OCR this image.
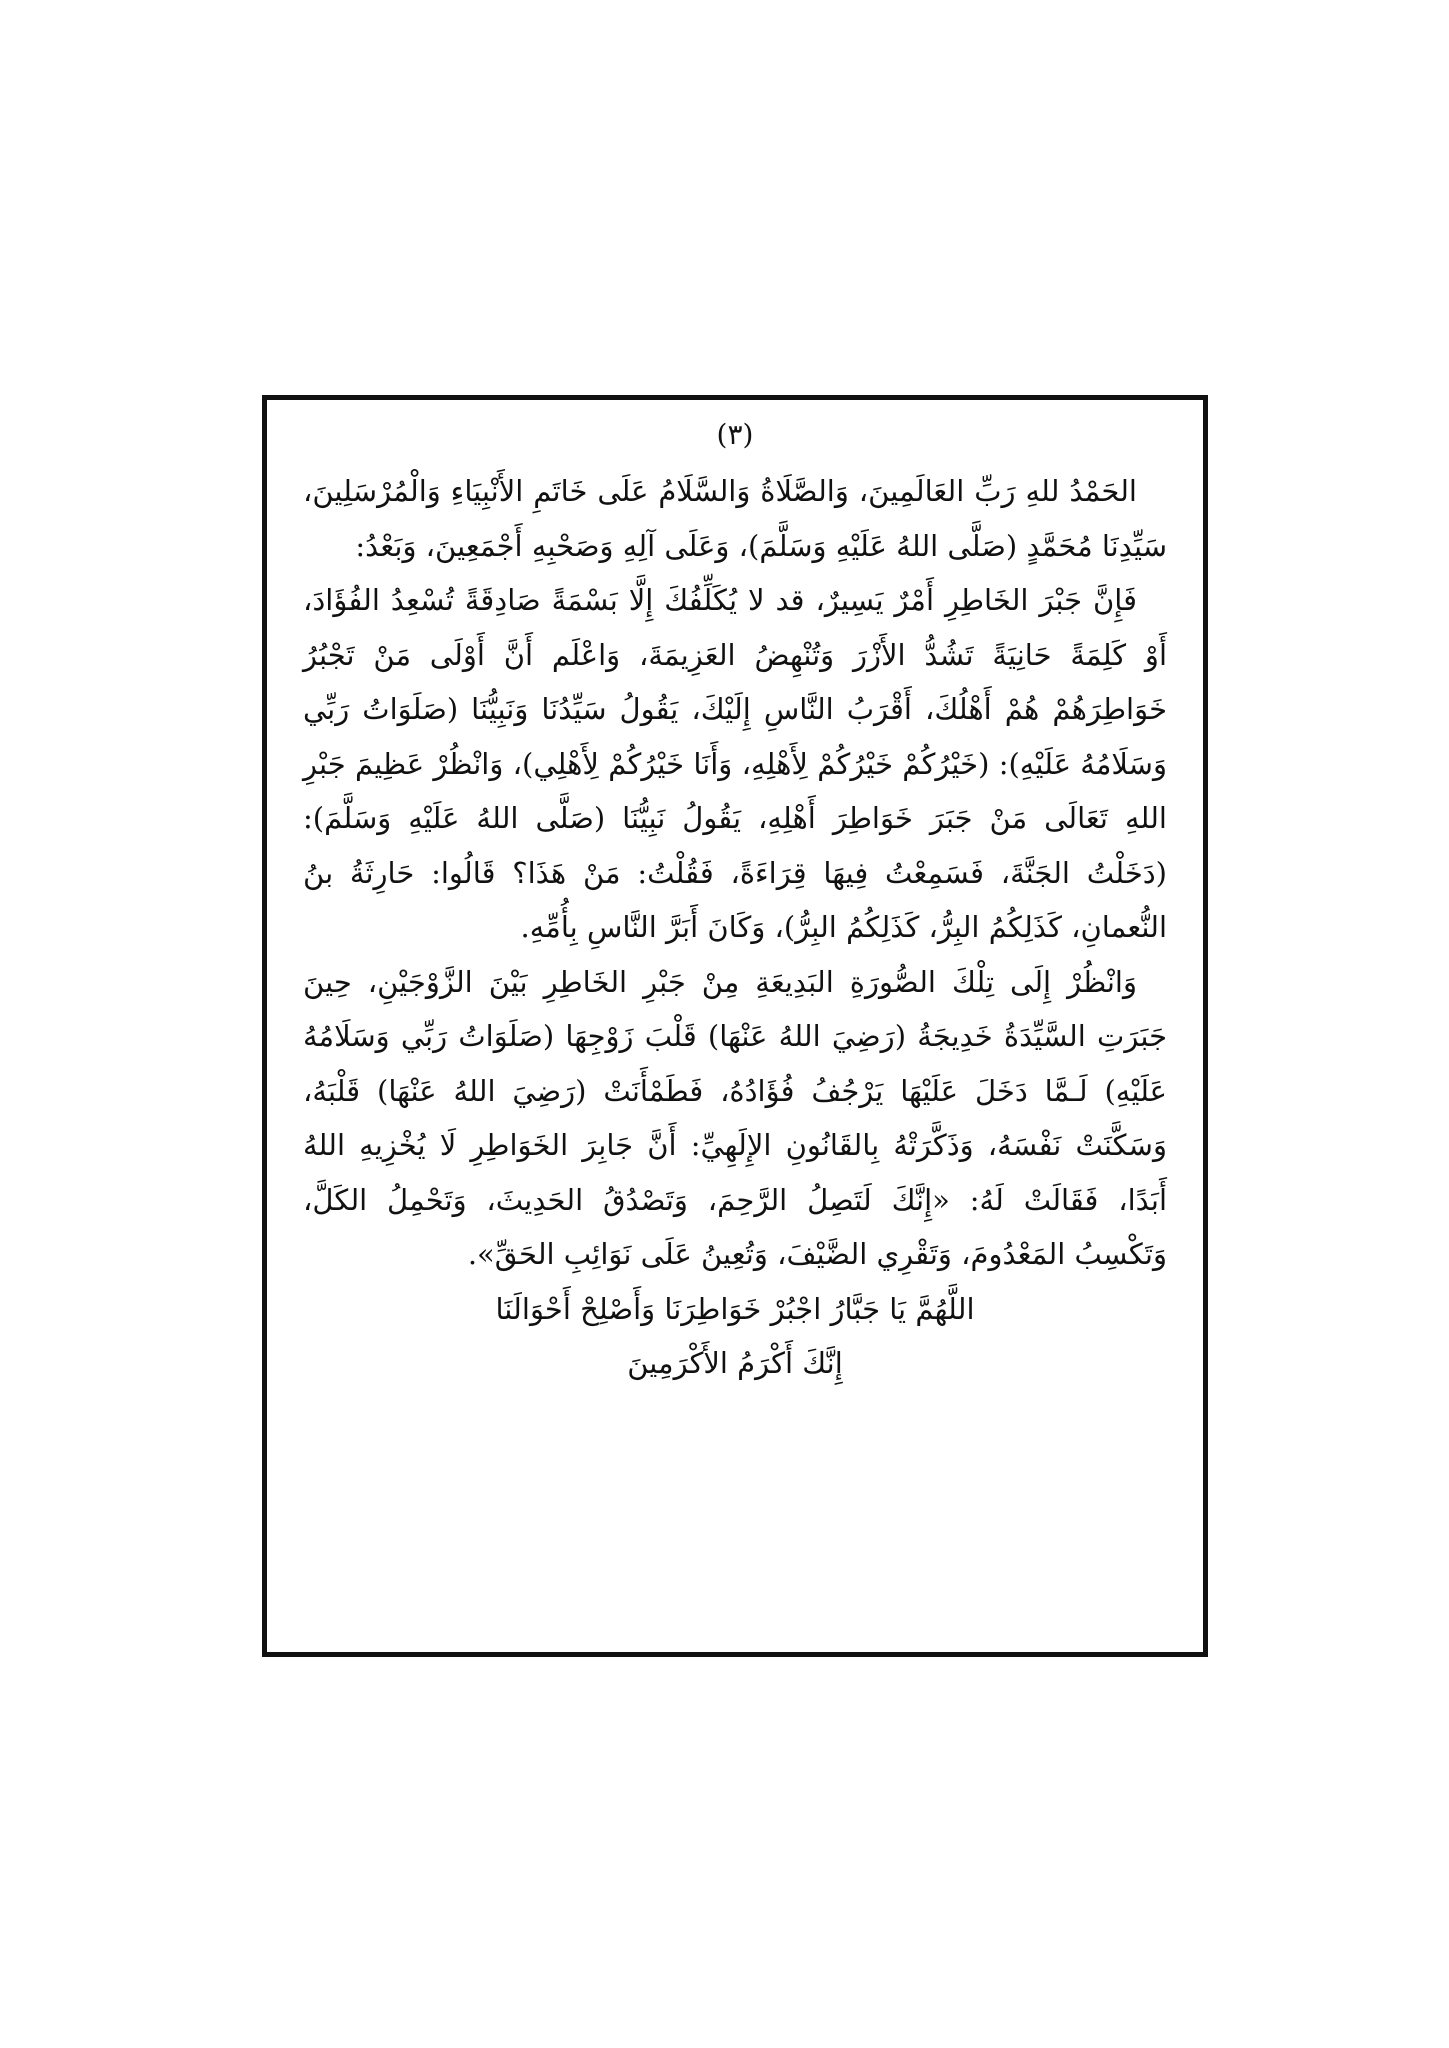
(٣)

الحَمْدُ للهِ رَبِّ العَالَمِينَ، وَالصَّلَاةُ وَالسَّلَامُ عَلَى خَاتَمِ الأَنْبِيَاءِ وَالْمُرْسَلِينَ، سَيِّدِنَا مُحَمَّدٍ (صَلَّى اللهُ عَلَيْهِ وَسَلَّمَ)، وَعَلَى آلِهِ وَصَحْبِهِ أَجْمَعِينَ، وَبَعْدُ:

فَإِنَّ جَبْرَ الخَاطِرِ أَمْرٌ يَسِيرٌ، قد لا يُكَلِّفُكَ إِلَّا بَسْمَةً صَادِقَةً تُسْعِدُ الفُؤَادَ، أَوْ كَلِمَةً حَانِيَةً تَشُدُّ الأَزْرَ وَتُنْهِضُ العَزِيمَةَ، وَاعْلَم أَنَّ أَوْلَى مَنْ تَجْبُرُ خَوَاطِرَهُمْ هُمْ أَهْلُكَ، أَقْرَبُ النَّاسِ إِلَيْكَ، يَقُولُ سَيِّدُنَا وَنَبِيُّنَا (صَلَوَاتُ رَبِّي وَسَلَامُهُ عَلَيْهِ): (خَيْرُكُمْ خَيْرُكُمْ لِأَهْلِهِ، وَأَنَا خَيْرُكُمْ لِأَهْلِي)، وَانْظُرْ عَظِيمَ جَبْرِ اللهِ تَعَالَى مَنْ جَبَرَ خَوَاطِرَ أَهْلِهِ، يَقُولُ نَبِيُّنَا (صَلَّى اللهُ عَلَيْهِ وَسَلَّمَ): (دَخَلْتُ الجَنَّةَ، فَسَمِعْتُ فِيهَا قِرَاءَةً، فَقُلْتُ: مَنْ هَذَا؟ قَالُوا: حَارِثَةُ بنُ النُّعمانِ، كَذَلِكُمُ البِرُّ، كَذَلِكُمُ البِرُّ)، وَكَانَ أَبَرَّ النَّاسِ بِأُمِّهِ.

وَانْظُرْ إِلَى تِلْكَ الصُّورَةِ البَدِيعَةِ مِنْ جَبْرِ الخَاطِرِ بَيْنَ الزَّوْجَيْنِ، حِينَ جَبَرَتِ السَّيِّدَةُ خَدِيجَةُ (رَضِيَ اللهُ عَنْهَا) قَلْبَ زَوْجِهَا (صَلَوَاتُ رَبِّي وَسَلَامُهُ عَلَيْهِ) لَـمَّا دَخَلَ عَلَيْهَا يَرْجُفُ فُؤَادُهُ، فَطَمْأَنَتْ (رَضِيَ اللهُ عَنْهَا) قَلْبَهُ، وَسَكَّنَتْ نَفْسَهُ، وَذَكَّرَتْهُ بِالقَانُونِ الإِلَهِيِّ: أَنَّ جَابِرَ الخَوَاطِرِ لَا يُخْزِيهِ اللهُ أَبَدًا، فَقَالَتْ لَهُ: «إِنَّكَ لَتَصِلُ الرَّحِمَ، وَتَصْدُقُ الحَدِيثَ، وَتَحْمِلُ الكَلَّ، وَتَكْسِبُ المَعْدُومَ، وَتَقْرِي الضَّيْفَ، وَتُعِينُ عَلَى نَوَائِبِ الحَقِّ».

اللَّهُمَّ يَا جَبَّارُ اجْبُرْ خَوَاطِرَنَا وَأَصْلِحْ أَحْوَالَنَا

إِنَّكَ أَكْرَمُ الأَكْرَمِينَ
